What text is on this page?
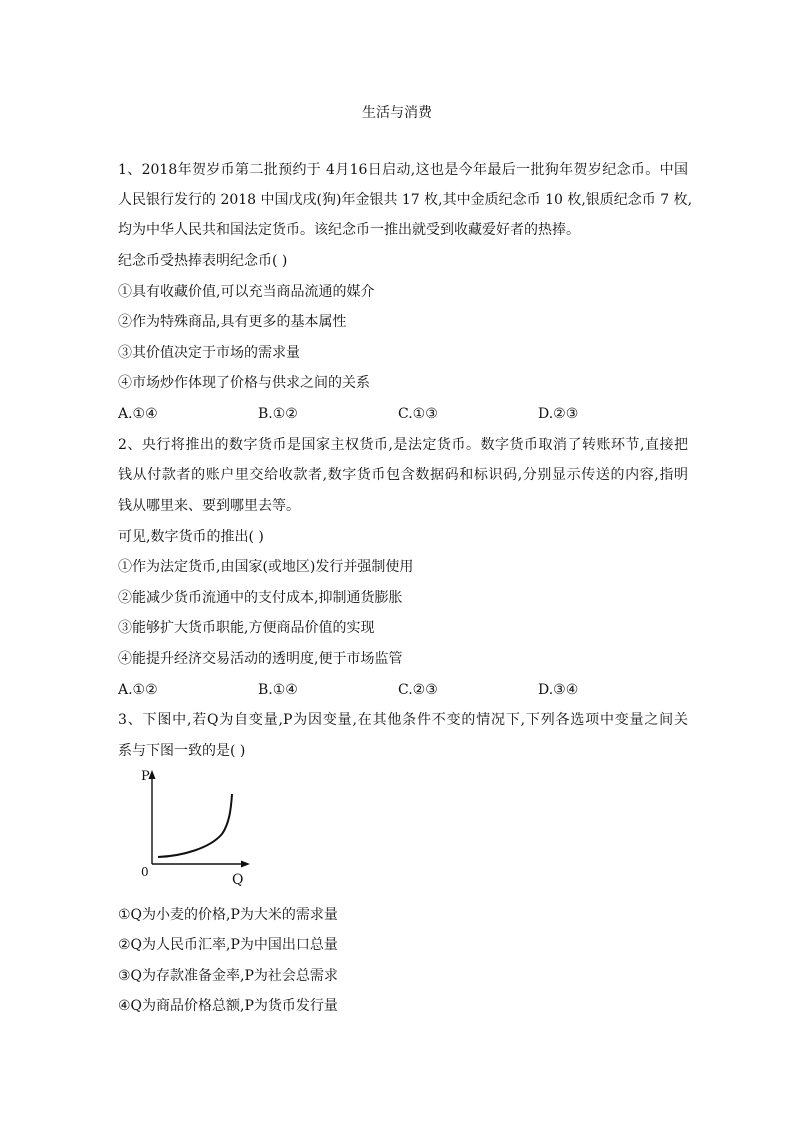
生活与消费
1、2018年贺岁币第二批预约于 4月16日启动,这也是今年最后一批狗年贺岁纪念币。中国
人民银行发行的 2018 中国戊戌(狗)年金银共 17 枚,其中金质纪念币 10 枚,银质纪念币 7 枚,
均为中华人民共和国法定货币。该纪念币一推出就受到收藏爱好者的热捧。
纪念币受热捧表明纪念币( )
①具有收藏价值,可以充当商品流通的媒介
②作为特殊商品,具有更多的基本属性
③其价值决定于市场的需求量
④市场炒作体现了价格与供求之间的关系
A.①④	B.①②	C.①③	D.②③
2、央行将推出的数字货币是国家主权货币,是法定货币。数字货币取消了转账环节,直接把
钱从付款者的账户里交给收款者,数字货币包含数据码和标识码,分别显示传送的内容,指明
钱从哪里来、要到哪里去等。
可见,数字货币的推出( )
①作为法定货币,由国家(或地区)发行并强制使用
②能减少货币流通中的支付成本,抑制通货膨胀
③能够扩大货币职能,方便商品价值的实现
④能提升经济交易活动的透明度,便于市场监管
A.①②	B.①④	C.②③	D.③④
3、下图中,若Q为自变量,P为因变量,在其他条件不变的情况下,下列各选项中变量之间关
系与下图一致的是( )
P
0	Q
①Q为小麦的价格,P为大米的需求量
②Q为人民币汇率,P为中国出口总量
③Q为存款准备金率,P为社会总需求
④Q为商品价格总额,P为货币发行量
